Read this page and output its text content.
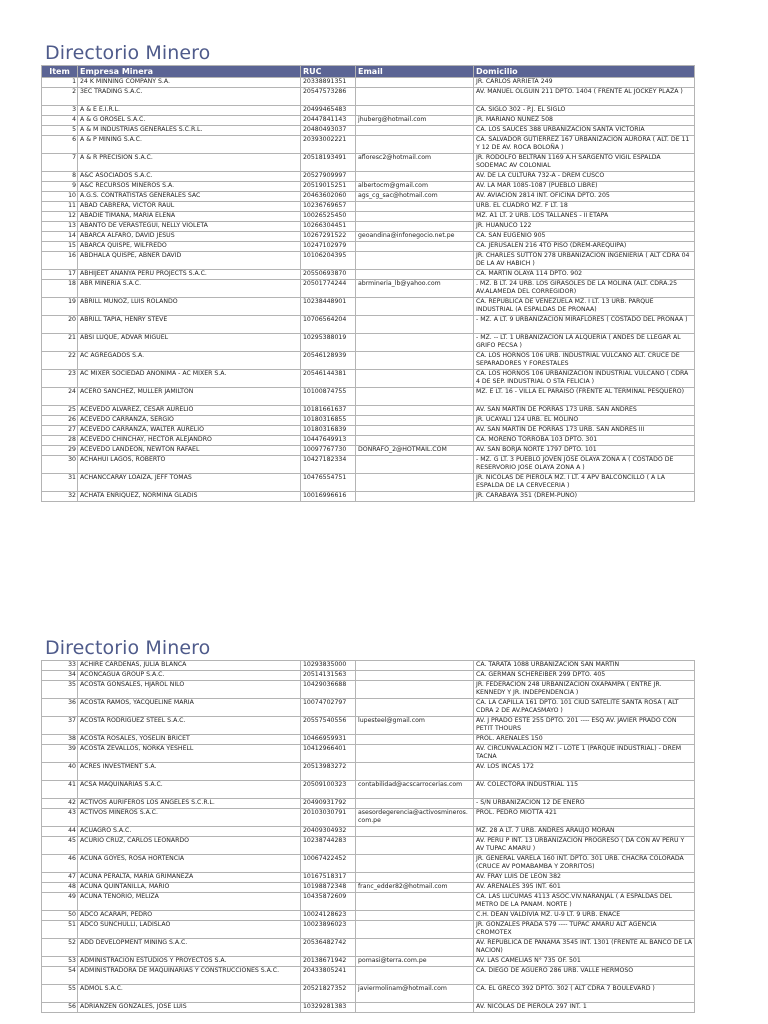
Directorio Minero
Item	Empresa Minera	RUC	Email	Domicilio
1	24 K MINNING COMPANY S.A.	20338891351		JR. CARLOS ARRIETA 249
2	3EC TRADING S.A.C.	20547573286		AV. MANUEL OLGUIN 211 DPTO. 1404 ( FRENTE AL JOCKEY PLAZA )
3	A & E E.I.R.L.	20499465483		CA. SIGLO 302 - P.J. EL SIGLO
4	A & G OROSEL S.A.C.	20447841143	jhuberg@hotmail.com	JR. MARIANO NUÑEZ 508
5	A & M INDUSTRIAS GENERALES S.C.R.L.	20480493037		CA. LOS SAUCES 388 URBANIZACION SANTA VICTORIA
6	A & P MINING S.A.C.	20393002221		CA. SALVADOR GUTIERREZ 167 URBANIZACION AURORA ( ALT. DE 11 Y 12 DE AV. ROCA BOLOÑA )
7	A & R PRECISION S.A.C.	20518193491	afloresc2@hotmail.com	JR. RODOLFO BELTRAN 1169 A.H SARGENTO VIGIL ESPALDA SODEMAC AV COLONIAL
8	A&C ASOCIADOS S.A.C.	20527909997		AV. DE LA CULTURA 732-A - DREM CUSCO
9	A&C RECURSOS MINEROS S.A.	20519015251	albertocm@gmail.com	AV. LA MAR 1085-1087 (PUEBLO LIBRE)
10	A.G.S. CONTRATISTAS GENERALES SAC	20463602060	ags_cg_sac@hotmail.com	AV. AVIACION 2814 INT. OFICINA DPTO. 205
11	ABAD CABRERA, VICTOR RAUL	10236769657		URB. EL CUADRO MZ. F LT. 18
12	ABADIE TIMANA, MARIA ELENA	10026525450		MZ. A1 LT. 2 URB. LOS TALLANES - II ETAPA
13	ABANTO DE VERASTEGUI, NELLY VIOLETA	10266304451		JR. HUANUCO 122
14	ABARCA ALFARO, DAVID JESUS	10267291522	geoandina@infonegocio.net.pe	CA. SAN EUGENIO 905
15	ABARCA QUISPE, WILFREDO	10247102979		CA. JERUSALEN 216 4TO PISO (DREM-AREQUIPA)
16	ABDHALA QUISPE, ABNER DAVID	10106204395		JR. CHARLES SUTTON 278 URBANIZACION INGENIERIA ( ALT CDRA 04 DE LA AV HABICH )
17	ABHIJEET ANANYA PERU PROJECTS S.A.C.	20550693870		CA. MARTIN OLAYA 114 DPTO. 902
18	ABR MINERIA S.A.C.	20501774244	abrmineria_lb@yahoo.com	. MZ. B LT. 24 URB. LOS GIRASOLES DE LA MOLINA (ALT. CDRA.25 AV.ALAMEDA DEL CORREGIDOR)
19	ABRILL MUNOZ, LUIS ROLANDO	10238448901		CA. REPUBLICA DE VENEZUELA MZ. I LT. 13 URB. PARQUE INDUSTRIAL (A ESPALDAS DE PRONAA)
20	ABRILL TAPIA, HENRY STEVE	10706564204		- MZ. A LT. 9 URBANIZACION MIRAFLORES ( COSTADO DEL PRONAA )
21	ABSI LUQUE, ADVAR MIGUEL	10295388019		- MZ. -- LT. 1 URBANIZACION LA ALQUERIA ( ANDES DE LLEGAR AL GRIFO PECSA )
22	AC AGREGADOS S.A.	20546128939		CA. LOS HORNOS 106 URB. INDUSTRIAL VULCANO ALT. CRUCE DE SEPARADORES Y FORESTALES
23	AC MIXER SOCIEDAD ANONIMA - AC MIXER S.A.	20546144381		CA. LOS HORNOS 106 URBANIZACION INDUSTRIAL VULCANO ( CDRA 4 DE SEP. INDUSTRIAL O STA FELICIA )
24	ACERO SANCHEZ, MULLER JAMILTON	10100874755		MZ. E LT. 16 - VILLA EL PARAISO (FRENTE AL TERMINAL PESQUERO)
25	ACEVEDO ALVAREZ, CESAR AURELIO	10181661637		AV. SAN MARTIN DE PORRAS 173 URB. SAN ANDRES
26	ACEVEDO CARRANZA, SERGIO	10180316855		JR. UCAYALI 124 URB. EL MOLINO
27	ACEVEDO CARRANZA, WALTER AURELIO	10180316839		AV. SAN MARTIN DE PORRAS 173 URB. SAN ANDRES III
28	ACEVEDO CHINCHAY, HECTOR ALEJANDRO	10447649913		CA. MORENO TORROBA 103 DPTO. 301
29	ACEVEDO LANDEON, NEWTON RAFAEL	10097767730	DONRAFO_2@HOTMAIL.COM	AV. SAN BORJA NORTE 1797 DPTO. 101
30	ACHAHUI LAGOS, ROBERTO	10427182334		- MZ. G LT. 3 PUEBLO JOVEN JOSE OLAYA ZONA A ( COSTADO DE RESERVORIO JOSE OLAYA ZONA A )
31	ACHANCCARAY LOAIZA, JEFF TOMAS	10476554751		JR. NICOLAS DE PIEROLA MZ. I LT. 4 APV BALCONCILLO ( A LA ESPALDA DE LA CERVECERIA )
32	ACHATA ENRIQUEZ, NORMINA GLADIS	10016996616		JR. CARABAYA 351 (DREM-PUNO)
Directorio Minero
33	ACHIRE CARDENAS, JULIA BLANCA	10293835000		CA. TARATA 1088 URBANIZACION SAN MARTIN
34	ACONCAGUA GROUP S.A.C.	20514131563		CA. GERMAN SCHEREIBER 299 DPTO. 405
35	ACOSTA GONSALES, HJAROL NILO	10429036688		JR. FEDERACION 248 URBANIZACION OXAPAMPA ( ENTRE JR. KENNEDY Y JR. INDEPENDENCIA )
36	ACOSTA RAMOS, YACQUELINE MARIA	10074702797		CA. LA CAPILLA 161 DPTO. 101 CIUD SATELITE SANTA ROSA ( ALT CDRA 2 DE AV.PACASMAYO )
37	ACOSTA RODRIGUEZ STEEL S.A.C.	20557540556	lupesteel@gmail.com	AV. J PRADO ESTE 255 DPTO. 201 ---- ESQ AV. JAVIER PRADO CON PETIT THOURS
38	ACOSTA ROSALES, YOSELIN BRICET	10466959931		PROL. ARENALES 150
39	ACOSTA ZEVALLOS, NORKA YESHELL	10412966401		AV. CIRCUNVALACION MZ I - LOTE 1 (PARQUE INDUSTRIAL) - DREM TACNA
40	ACRES INVESTMENT S.A.	20513983272		AV. LOS INCAS 172
41	ACSA MAQUINARIAS S.A.C.	20509100323	contabilidad@acscarrocerias.com	AV. COLECTORA INDUSTRIAL 115
42	ACTIVOS AURIFEROS LOS ANGELES S.C.R.L.	20490931792		- S/N URBANIZACION 12 DE ENERO
43	ACTIVOS MINEROS S.A.C.	20103030791	asesordegerencia@activosmineros.com.pe	PROL. PEDRO MIOTTA 421
44	ACUAGRO S.A.C.	20409304932		MZ. 28 A LT. 7 URB. ANDRES ARAUJO MORAN
45	ACURIO CRUZ, CARLOS LEONARDO	10238744283		AV. PERU P INT. 13 URBANIZACION PROGRESO ( DA CON AV PERU Y AV TUPAC AMARU )
46	ACUÑA GOYES, ROSA HORTENCIA	10067422452		JR. GENERAL VARELA 160 INT. DPTO. 301 URB. CHACRA COLORADA (CRUCE AV POMABAMBA Y ZORRITOS)
47	ACUÑA PERALTA, MARIA GRIMANEZA	10167518317		AV. FRAY LUIS DE LEON 382
48	ACUÑA QUINTANILLA, MARIO	10198872348	franc_edder82@hotmail.com	AV. ARENALES 395 INT. 601
49	ACUÑA TENORIO, MELIZA	10435872609		CA. LAS LUCUMAS 4113 ASOC.VIV.NARANJAL ( A ESPALDAS DEL METRO DE LA PANAM. NORTE )
50	ADCO ACARAPI, PEDRO	10024128623		C.H. DEAN VALDIVIA MZ. U-9 LT. 9 URB. ENACE
51	ADCO SUNCHULLI, LADISLAO	10023896023		JR. GONZALES PRADA 579 ---- TUPAC AMARU ALT AGENCIA CROMOTEX
52	ADD DEVELOPMENT MINING S.A.C.	20536482742		AV. REPUBLICA DE PANAMA 3545 INT. 1301 (FRENTE AL BANCO DE LA NACION)
53	ADMINISTRACION ESTUDIOS Y PROYECTOS S.A.	20138671942	pomasi@terra.com.pe	AV. LAS CAMELIAS N° 735 OF. 501
54	ADMINISTRADORA DE MAQUINARIAS Y CONSTRUCCIONES S.A.C.	20433805241		CA. DIEGO DE AGUERO 286 URB. VALLE HERMOSO
55	ADMOL S.A.C.	20521827352	javiermolinam@hotmail.com	CA. EL GRECO 392 DPTO. 302 ( ALT CDRA 7 BOULEVARD )
56	ADRIANZEN GONZALES, JOSE LUIS	10329281383		AV. NICOLAS DE PIEROLA 297 INT. 1
